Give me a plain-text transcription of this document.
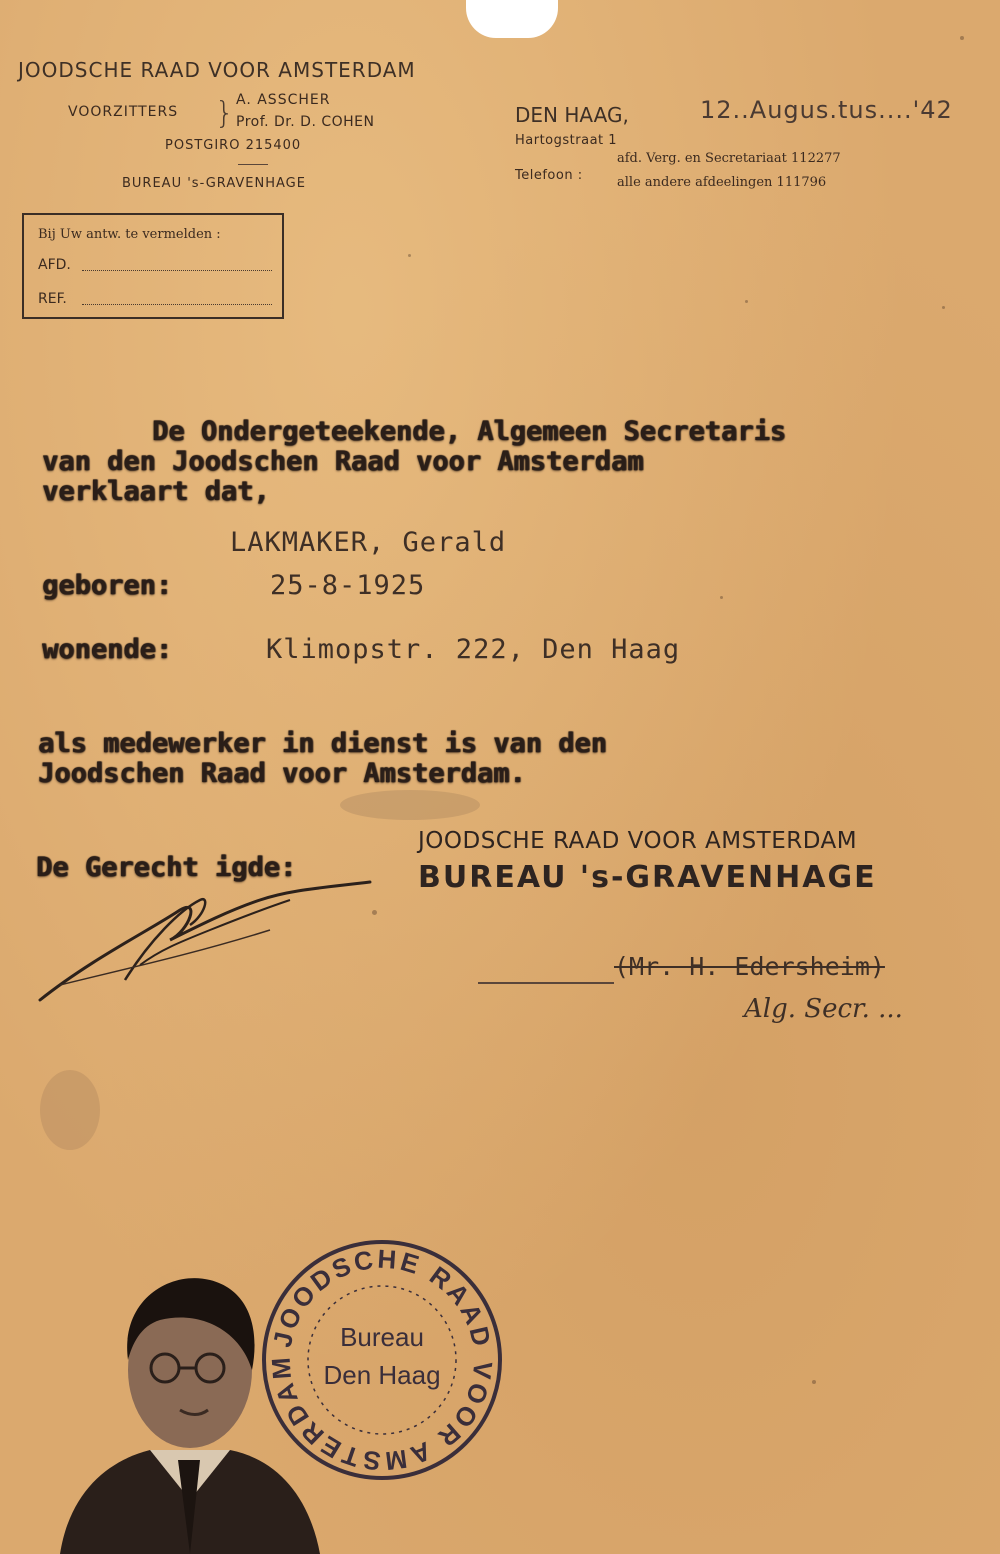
JOODSCHE RAAD VOOR AMSTERDAM
VOORZITTERS } A. ASSCHER
Prof. Dr. D. COHEN
POSTGIRO 215400
BUREAU 's-GRAVENHAGE
DEN HAAG,	12..Augus.tus....'42
Hartogstraat 1
Telefoon :
afd. Verg. en Secretariaat 112277
alle andere afdeelingen 111796
Bij Uw antw. te vermelden :
AFD.
REF.
De Ondergeteekende, Algemeen Secretaris
van den Joodschen Raad voor Amsterdam
verklaart dat,
LAKMAKER, Gerald
geboren:	25-8-1925
wonende:	Klimopstr. 222, Den Haag
als medewerker in dienst is van den
Joodschen Raad voor Amsterdam.
De Gerecht igde:
JOODSCHE RAAD VOOR AMSTERDAM
BUREAU 's-GRAVENHAGE
(Mr. H. Edersheim)
Alg. Secr. ...
JOODSCHE RAAD VOOR AMSTERDAM
Bureau
Den Haag
